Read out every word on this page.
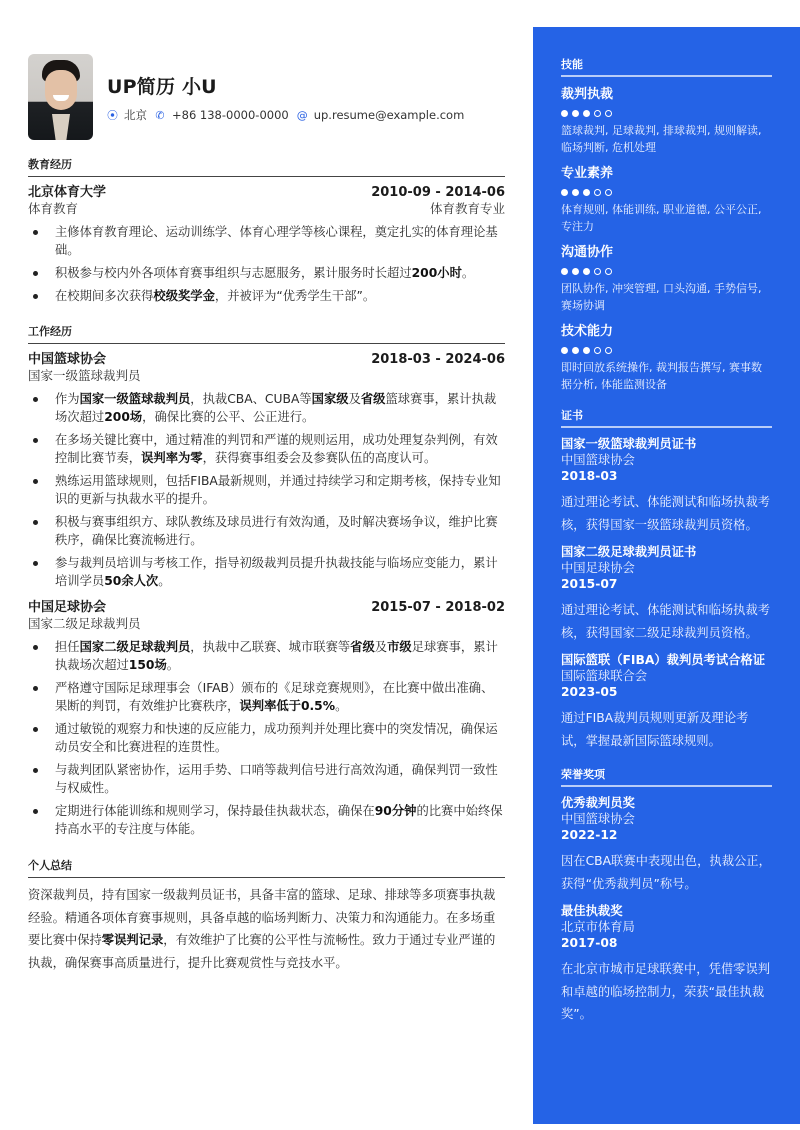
UP简历 小U
⦿ 北京 ✆ +86 138-0000-0000 @ up.resume@example.com
教育经历
北京体育大学	2010-09 - 2014-06
体育教育	体育教育专业
主修体育教育理论、运动训练学、体育心理学等核心课程，奠定扎实的体育理论基础。
积极参与校内外各项体育赛事组织与志愿服务，累计服务时长超过200小时。
在校期间多次获得校级奖学金，并被评为“优秀学生干部”。
工作经历
中国篮球协会	2018-03 - 2024-06
国家一级篮球裁判员
作为国家一级篮球裁判员，执裁CBA、CUBA等国家级及省级篮球赛事，累计执裁场次超过200场，确保比赛的公平、公正进行。
在多场关键比赛中，通过精准的判罚和严谨的规则运用，成功处理复杂判例，有效控制比赛节奏，误判率为零，获得赛事组委会及参赛队伍的高度认可。
熟练运用篮球规则，包括FIBA最新规则，并通过持续学习和定期考核，保持专业知识的更新与执裁水平的提升。
积极与赛事组织方、球队教练及球员进行有效沟通，及时解决赛场争议，维护比赛秩序，确保比赛流畅进行。
参与裁判员培训与考核工作，指导初级裁判员提升执裁技能与临场应变能力，累计培训学员50余人次。
中国足球协会	2015-07 - 2018-02
国家二级足球裁判员
担任国家二级足球裁判员，执裁中乙联赛、城市联赛等省级及市级足球赛事，累计执裁场次超过150场。
严格遵守国际足球理事会（IFAB）颁布的《足球竞赛规则》，在比赛中做出准确、果断的判罚，有效维护比赛秩序，误判率低于0.5%。
通过敏锐的观察力和快速的反应能力，成功预判并处理比赛中的突发情况，确保运动员安全和比赛进程的连贯性。
与裁判团队紧密协作，运用手势、口哨等裁判信号进行高效沟通，确保判罚一致性与权威性。
定期进行体能训练和规则学习，保持最佳执裁状态，确保在90分钟的比赛中始终保持高水平的专注度与体能。
个人总结
资深裁判员，持有国家一级裁判员证书，具备丰富的篮球、足球、排球等多项赛事执裁经验。精通各项体育赛事规则，具备卓越的临场判断力、决策力和沟通能力。在多场重要比赛中保持零误判记录，有效维护了比赛的公平性与流畅性。致力于通过专业严谨的执裁，确保赛事高质量进行，提升比赛观赏性与竞技水平。
技能
裁判执裁
篮球裁判, 足球裁判, 排球裁判, 规则解读, 临场判断, 危机处理
专业素养
体育规则, 体能训练, 职业道德, 公平公正, 专注力
沟通协作
团队协作, 冲突管理, 口头沟通, 手势信号, 赛场协调
技术能力
即时回放系统操作, 裁判报告撰写, 赛事数据分析, 体能监测设备
证书
国家一级篮球裁判员证书
中国篮球协会
2018-03
通过理论考试、体能测试和临场执裁考核，获得国家一级篮球裁判员资格。
国家二级足球裁判员证书
中国足球协会
2015-07
通过理论考试、体能测试和临场执裁考核，获得国家二级足球裁判员资格。
国际篮联（FIBA）裁判员考试合格证
国际篮球联合会
2023-05
通过FIBA裁判员规则更新及理论考试，掌握最新国际篮球规则。
荣誉奖项
优秀裁判员奖
中国篮球协会
2022-12
因在CBA联赛中表现出色，执裁公正，获得“优秀裁判员”称号。
最佳执裁奖
北京市体育局
2017-08
在北京市城市足球联赛中，凭借零误判和卓越的临场控制力，荣获“最佳执裁奖”。
